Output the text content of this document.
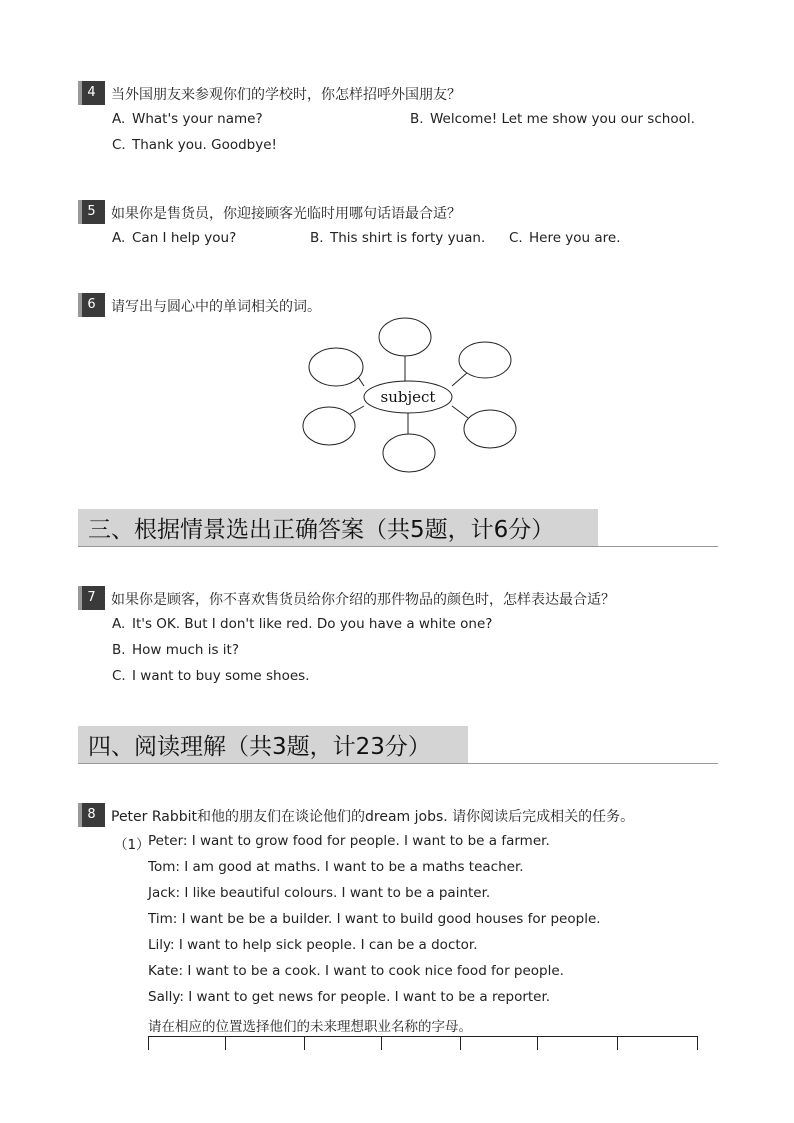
4	当外国朋友来参观你们的学校时，你怎样招呼外国朋友？
A. What's your name?	B. Welcome! Let me show you our school.
C. Thank you. Goodbye!
5	如果你是售货员，你迎接顾客光临时用哪句话语最合适？
A. Can I help you?	B. This shirt is forty yuan. C. Here you are.
6	请写出与圆心中的单词相关的词。
subject
三、根据情景选出正确答案（共5题，计6分）
7	如果你是顾客，你不喜欢售货员给你介绍的那件物品的颜色时，怎样表达最合适？
A. It's OK. But I don't like red. Do you have a white one?
B. How much is it?
C. I want to buy some shoes.
四、阅读理解（共3题，计23分）
8	Peter Rabbit和他的朋友们在谈论他们的dream jobs. 请你阅读后完成相关的任务。
（1）
Peter: I want to grow food for people. I want to be a farmer.
Tom: I am good at maths. I want to be a maths teacher.
Jack: I like beautiful colours. I want to be a painter.
Tim: I want be be a builder. I want to build good houses for people.
Lily: I want to help sick people. I can be a doctor.
Kate: I want to be a cook. I want to cook nice food for people.
Sally: I want to get news for people. I want to be a reporter.
请在相应的位置选择他们的未来理想职业名称的字母。
